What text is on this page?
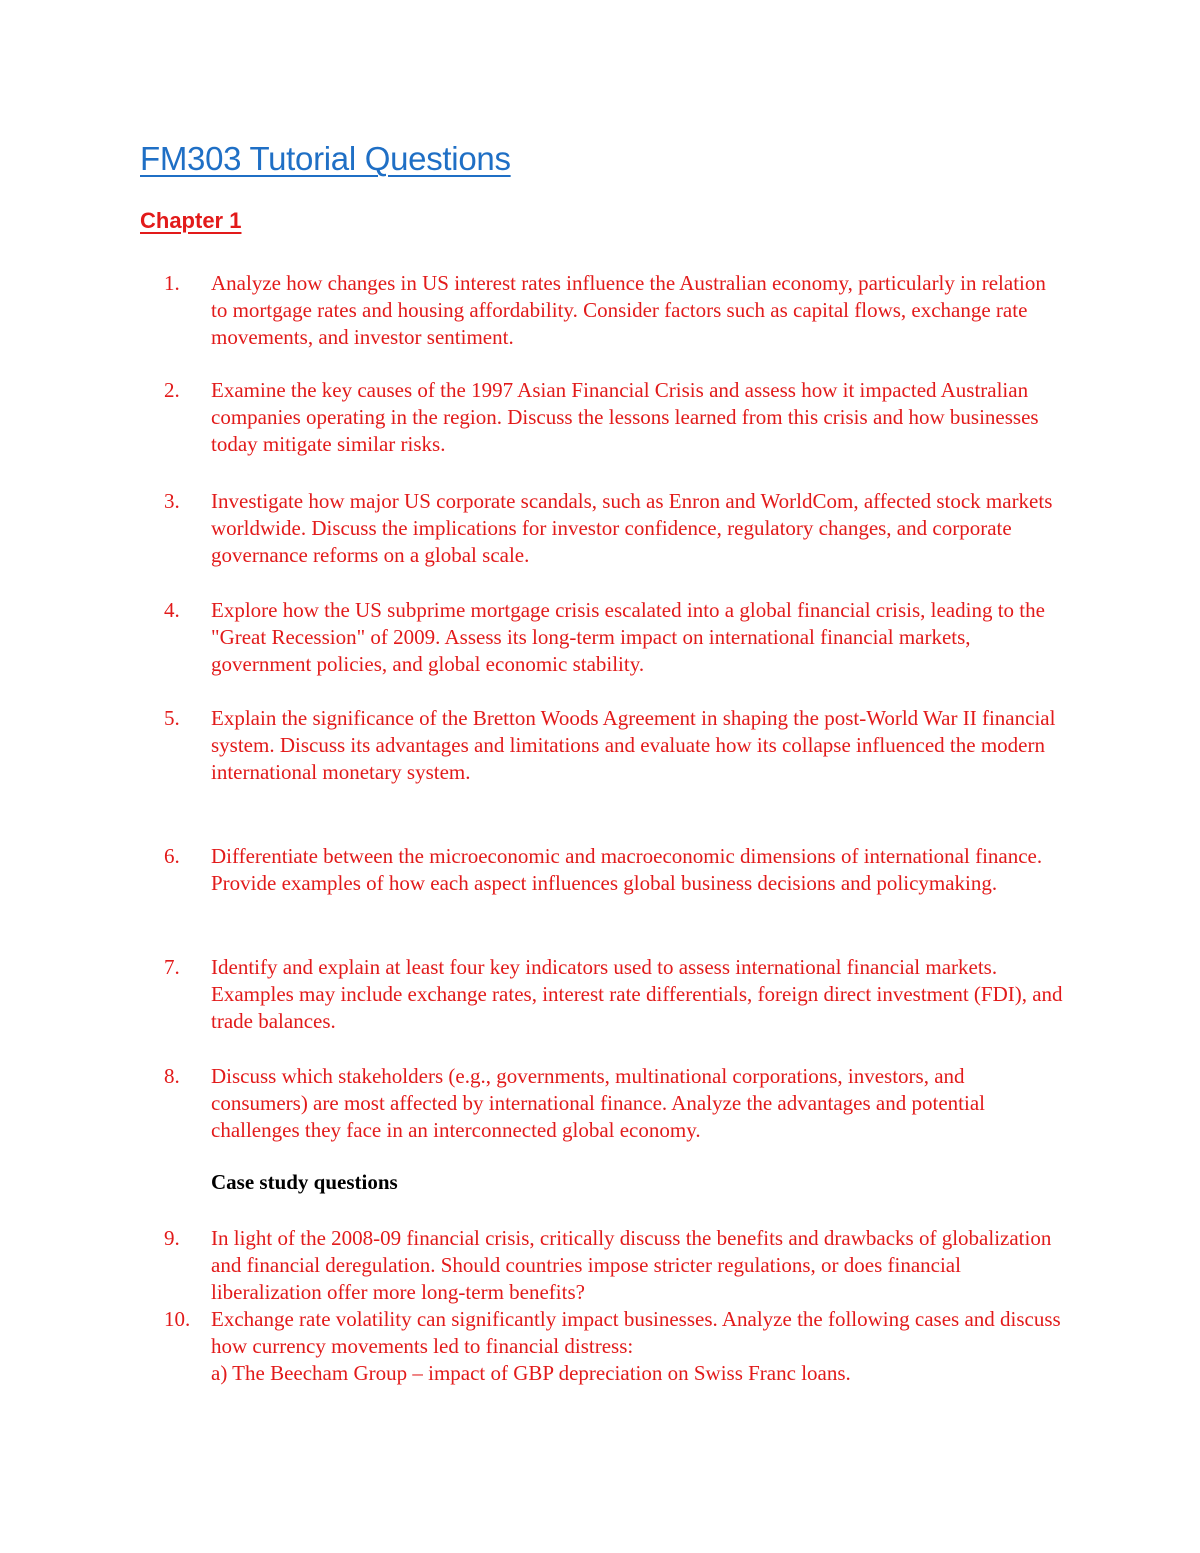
FM303 Tutorial Questions
Chapter 1
1.	Analyze how changes in US interest rates influence the Australian economy, particularly in relation to mortgage rates and housing affordability. Consider factors such as capital flows, exchange rate movements, and investor sentiment.
2.	Examine the key causes of the 1997 Asian Financial Crisis and assess how it impacted Australian companies operating in the region. Discuss the lessons learned from this crisis and how businesses today mitigate similar risks.
3.	Investigate how major US corporate scandals, such as Enron and WorldCom, affected stock markets worldwide. Discuss the implications for investor confidence, regulatory changes, and corporate governance reforms on a global scale.
4.	Explore how the US subprime mortgage crisis escalated into a global financial crisis, leading to the "Great Recession" of 2009. Assess its long-term impact on international financial markets, government policies, and global economic stability.
5.	Explain the significance of the Bretton Woods Agreement in shaping the post-World War II financial system. Discuss its advantages and limitations and evaluate how its collapse influenced the modern international monetary system.
6.	Differentiate between the microeconomic and macroeconomic dimensions of international finance. Provide examples of how each aspect influences global business decisions and policymaking.
7.	Identify and explain at least four key indicators used to assess international financial markets. Examples may include exchange rates, interest rate differentials, foreign direct investment (FDI), and trade balances.
8.	Discuss which stakeholders (e.g., governments, multinational corporations, investors, and consumers) are most affected by international finance. Analyze the advantages and potential challenges they face in an interconnected global economy.
Case study questions
9.	In light of the 2008-09 financial crisis, critically discuss the benefits and drawbacks of globalization and financial deregulation. Should countries impose stricter regulations, or does financial liberalization offer more long-term benefits?
10. Exchange rate volatility can significantly impact businesses. Analyze the following cases and discuss how currency movements led to financial distress:
a) The Beecham Group – impact of GBP depreciation on Swiss Franc loans.
